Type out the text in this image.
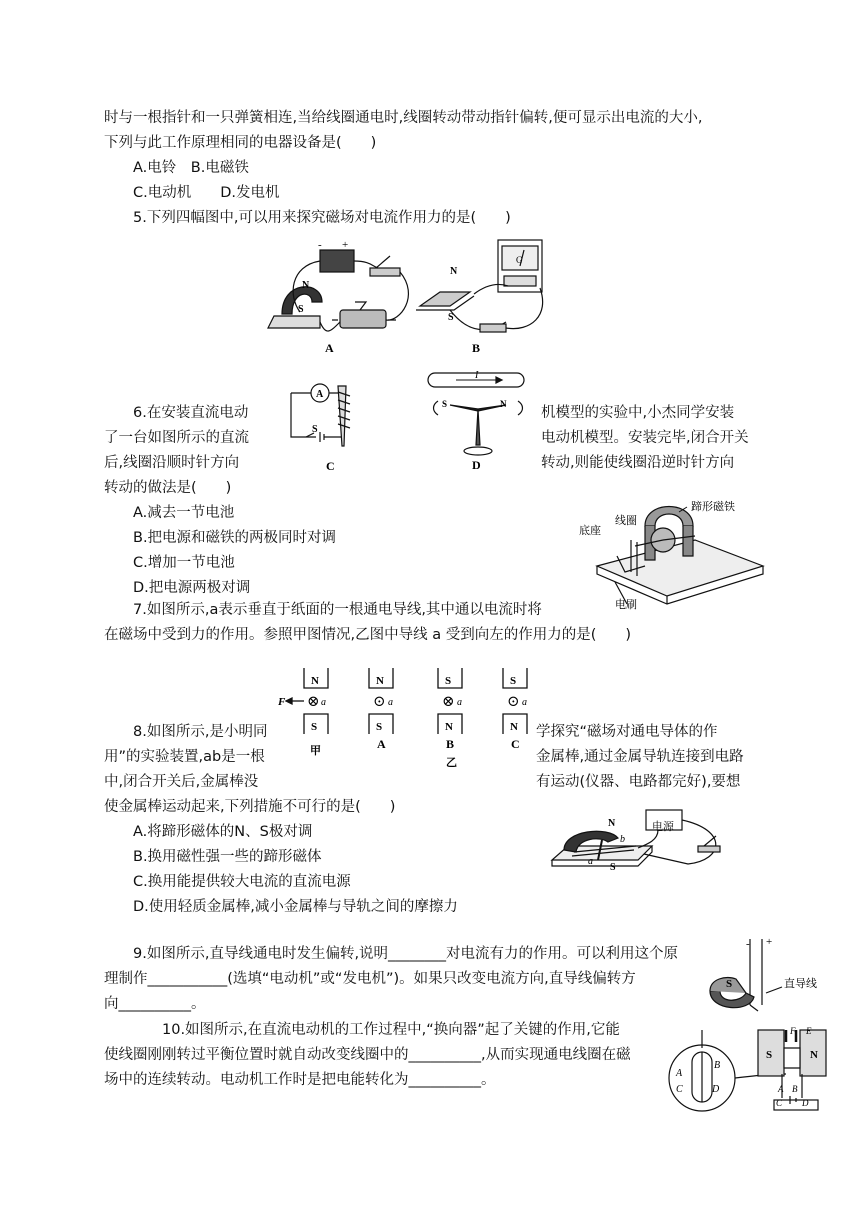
时与一根指针和一只弹簧相连,当给线圈通电时,线圈转动带动指针偏转,便可显示出电流的大小,
下列与此工作原理相同的电器设备是(　　)
A.电铃　B.电磁铁
C.电动机　　D.发电机
5.下列四幅图中,可以用来探究磁场对电流作用力的是(　　)
- +
N
S
A
N
S
G
B
A
S
C
I
S	N
D
6.在安装直流电动	机模型的实验中,小杰同学安装
了一台如图所示的直流	电动机模型。安装完毕,闭合开关
后,线圈沿顺时针方向	转动,则能使线圈沿逆时针方向
转动的做法是(　　)
A.减去一节电池
B.把电源和磁铁的两极同时对调
C.增加一节电池
D.把电源两极对调
蹄形磁铁
线圈
底座
电刷
7.如图所示,a表示垂直于纸面的一根通电导线,其中通以电流时将
在磁场中受到力的作用。参照甲图情况,乙图中导线 a 受到向左的作用力的是(　　)
N
S
⊗ a
F
N
S
⊙ a
S
N
⊗ a
S
N
⊙ a
甲	A	B	C
乙
8.如图所示,是小明同	学探究“磁场对通电导体的作
用”的实验装置,ab是一根	金属棒,通过金属导轨连接到电路
中,闭合开关后,金属棒没	有运动(仪器、电路都完好),要想
使金属棒运动起来,下列措施不可行的是(　　)
A.将蹄形磁体的N、S极对调
B.换用磁性强一些的蹄形磁体
C.换用能提供较大电流的直流电源
D.使用轻质金属棒,减小金属棒与导轨之间的摩擦力
N
S
b
a
电源
9.如图所示,直导线通电时发生偏转,说明________对电流有力的作用。可以利用这个原
理制作___________(选填“电动机”或“发电机”)。如果只改变电流方向,直导线偏转方
向__________。
- +
S	直导线
10.如图所示,在直流电动机的工作过程中,“换向器”起了关键的作用,它能
使线圈刚刚转过平衡位置时就自动改变线圈中的__________,从而实现通电线圈在磁
场中的连续转动。电动机工作时是把电能转化为__________。	A
B
C	D
S	N
F E
A B
C D
